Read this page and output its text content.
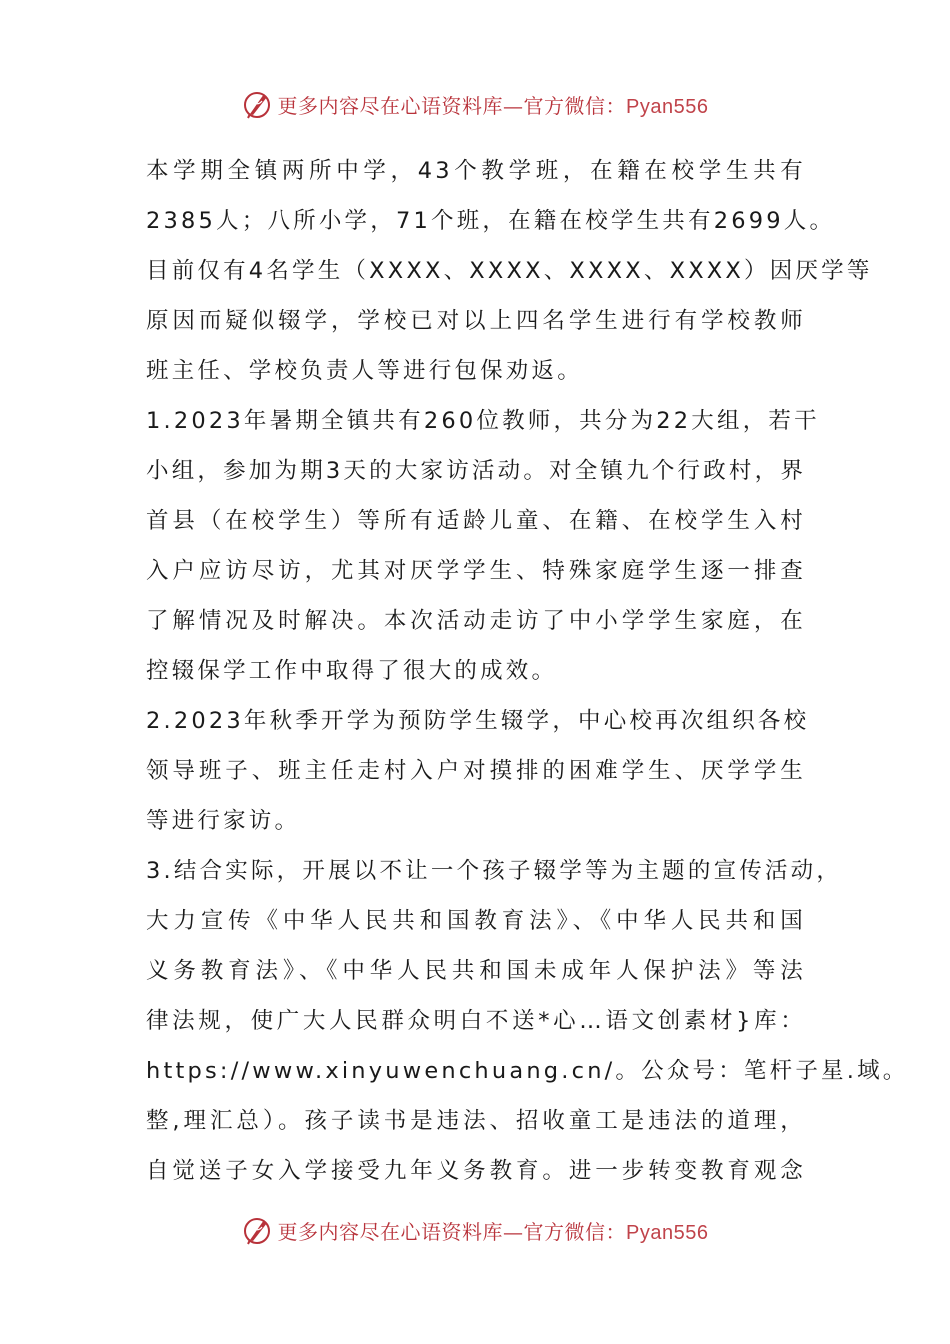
更多内容尽在心语资料库—官方微信：Pyan556
本学期全镇两所中学，43个教学班，在籍在校学生共有
2385人；八所小学，71个班，在籍在校学生共有2699人。
目前仅有4名学生（XXXX、XXXX、XXXX、XXXX）因厌学等
原因而疑似辍学，学校已对以上四名学生进行有学校教师
班主任、学校负责人等进行包保劝返。
1.2023年暑期全镇共有260位教师，共分为22大组，若干
小组，参加为期3天的大家访活动。对全镇九个行政村，界
首县（在校学生）等所有适龄儿童、在籍、在校学生入村
入户应访尽访，尤其对厌学学生、特殊家庭学生逐一排查
了解情况及时解决。本次活动走访了中小学学生家庭，在
控辍保学工作中取得了很大的成效。
2.2023年秋季开学为预防学生辍学，中心校再次组织各校
领导班子、班主任走村入户对摸排的困难学生、厌学学生
等进行家访。
3.结合实际，开展以不让一个孩子辍学等为主题的宣传活动，
大力宣传《中华人民共和国教育法》、《中华人民共和国
义务教育法》、《中华人民共和国未成年人保护法》等法
律法规，使广大人民群众明白不送*心…语文创素材}库：
https://www.xinyuwenchuang.cn/。公众号：笔杆子星.域。
整,理汇总）。孩子读书是违法、招收童工是违法的道理，
自觉送子女入学接受九年义务教育。进一步转变教育观念
更多内容尽在心语资料库—官方微信：Pyan556
